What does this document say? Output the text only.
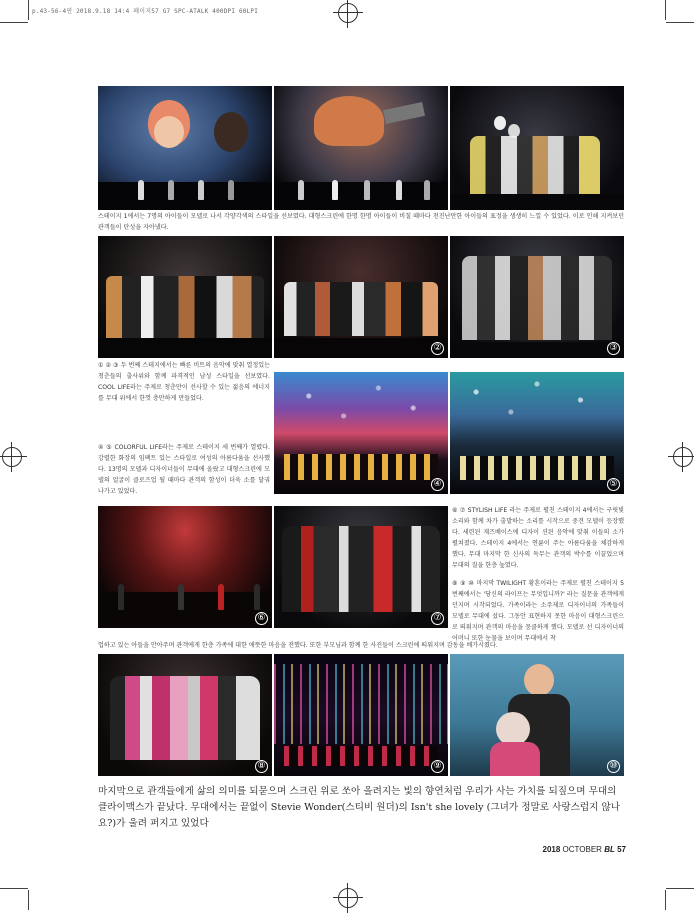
p.43-56-4연 2018.9.18 14:4 페이지57 G7 SPC-ATALK 400DPI 60LPI
스테이지 1에서는 7명의 아이들이 모델로 나서 각양각색의 스타일을 선보였다. 대형스크린에 한명 한명 아이들이 비칠 때마다 천진난만한 아이들의 표정을 생생히 느낄 수 있었다. 이로 인해 지켜보던 관객들이 탄성을 자아냈다.
②	③
① ② ③ 두 번째 스테지에서는 빠른 비트의 음악에 맞춰 열정있는 청춘들의 출사위와 함께 파격적인 남성 스타일을 선보였다. COOL LIFE라는 주제로 청춘만이 선사할 수 있는 젊음의 에너지를 무대 위에서 한껏 충만하게 만들었다.
④	⑤
④ ⑤ COLORFUL LIFE라는 주제로 스테이지 세 번째가 열렸다. 강렬한 화장의 임팩트 있는 스타일로 여성의 아름다움을 선사했다. 13명의 모델과 디자이너들이 무대에 올랐고 대형스크린에 모델의 얼굴이 클로즈업 될 때마다 관객의 함성이 더욱 소를 달궈 나가고 있었다.
⑥	⑦
⑥ ⑦ STYLISH LIFE 라는 주제로 펼친 스테이지 4에서는 구릿빛 소리와 함께 차가 출발하는 소리를 시작으로 중견 모델이 등장했다. 세련된 재즈베이스에 디자이 션된 음악에 맞춰 이들의 소가 펼쳐졌다. 스테이지 4에서는 연륜이 주는 아름다움을 체감하게 했다. 무대 마지막 한 신사의 독무는 관객의 박수를 이끌었으며 무대의 질을 한층 높였다.
⑧ ⑨ ⑩ 마지막 TWILIGHT 황혼이라는 주제로 펼친 스테이지 5번째에서는 '당신의 라이프는 무엇입니까?' 라는 질문을 관객에게 던지며 시작되었다. 가족이라는 소주제로 디자이너의 가족들이 모델로 무대에 섰다. 그동안 표현하지 못한 마음이 대형스크린으로 띄워지며 관객의 마음을 뭉클하게 했다. 모델로 선 디자이너의 어머니 또한 눈물을 보이며 무대에서 착
업하고 있는 아들을 안아주며 관객에게 한층 가족에 대한 애뜻한 마음을 전했다. 또한 부모님과 함께 한 사진들이 스크린에 띄워지며 감동을 배가시켰다.
⑧	⑨	⑩
마지막으로 관객들에게 삶의 의미를 되묻으며 스크린 위로 쏘아 올려지는 빛의 향연처럼 우리가 사는 가치를 되짚으며 무대의 클라이맥스가 끝났다. 무대에서는 끝없이 Stevie Wonder(스티비 원더)의 Isn't she lovely (그녀가 정말로 사랑스럽지 않나요?)가 울려 퍼지고 있었다
2018 OCTOBER BL 57
